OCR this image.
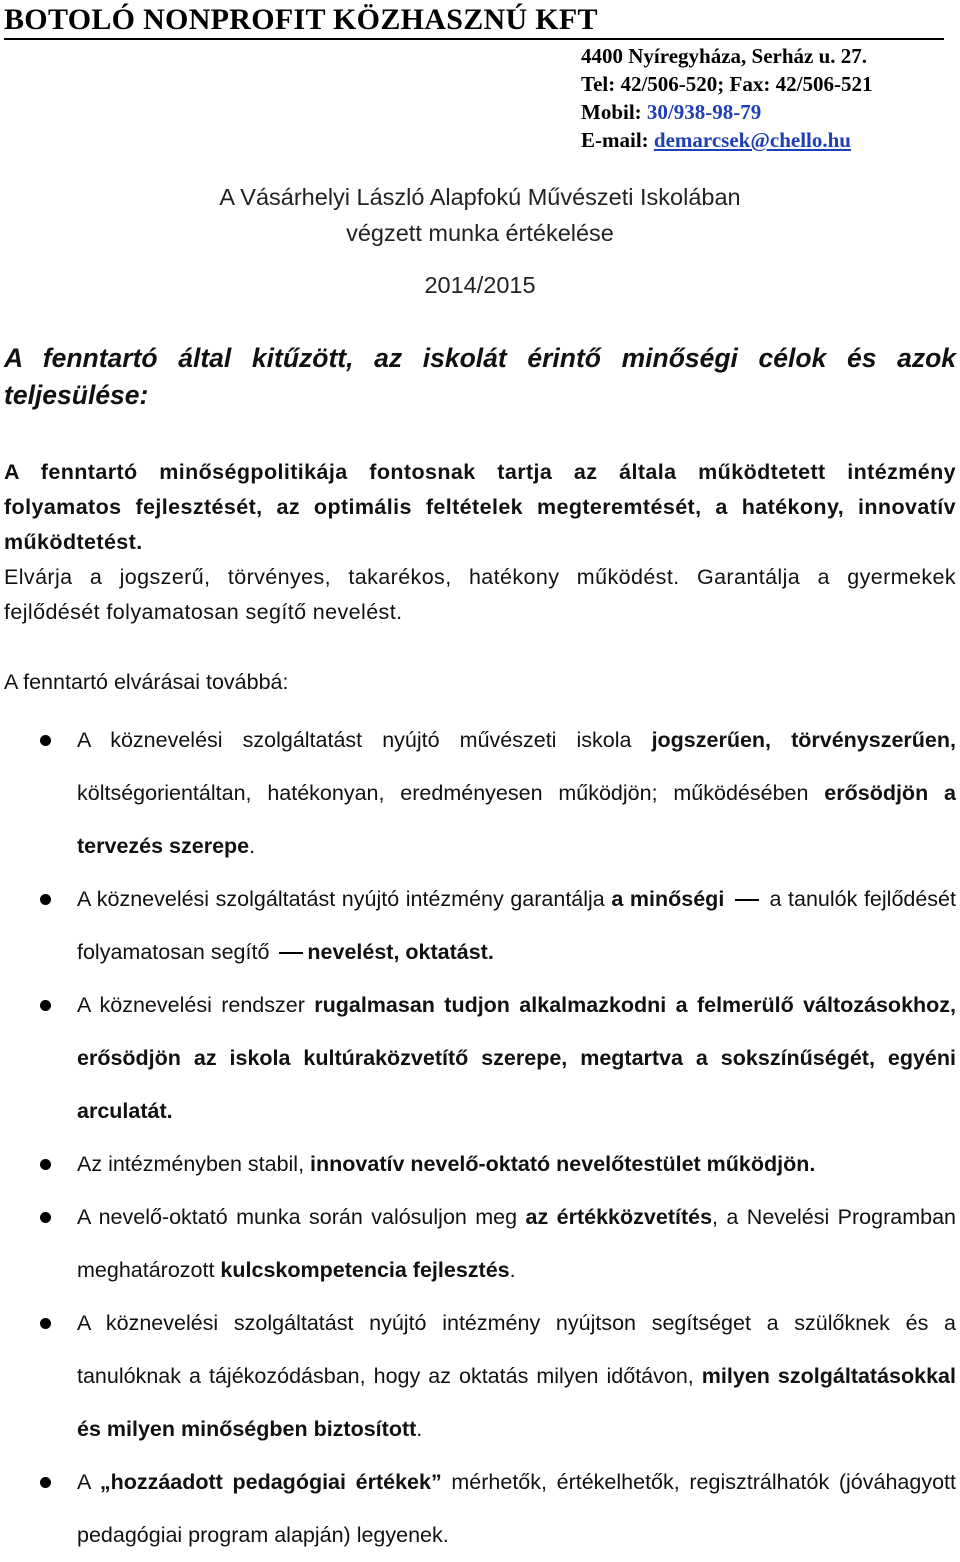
BOTOLÓ NONPROFIT KÖZHASZNÚ KFT
4400 Nyíregyháza, Serház u. 27.
Tel: 42/506-520; Fax: 42/506-521
Mobil: 30/938-98-79
E-mail: demarcsek@chello.hu
A Vásárhelyi László Alapfokú Művészeti Iskolában
végzett munka értékelése
2014/2015
A fenntartó által kitűzött, az iskolát érintő minőségi célok és azok teljesülése:
A fenntartó minőségpolitikája fontosnak tartja az általa működtetett intézmény folyamatos fejlesztését, az optimális feltételek megteremtését, a hatékony, innovatív működtetést.
Elvárja a jogszerű, törvényes, takarékos, hatékony működést. Garantálja a gyermekek fejlődését folyamatosan segítő nevelést.
A fenntartó elvárásai továbbá:
A köznevelési szolgáltatást nyújtó művészeti iskola jogszerűen, törvényszerűen, költségorientáltan, hatékonyan, eredményesen működjön; működésében erősödjön a tervezés szerepe.
A köznevelési szolgáltatást nyújtó intézmény garantálja a minőségi  a tanulók fejlődését folyamatosan segítő nevelést, oktatást.
A köznevelési rendszer rugalmasan tudjon alkalmazkodni a felmerülő változásokhoz, erősödjön az iskola kultúraközvetítő szerepe, megtartva a sokszínűségét, egyéni arculatát.
Az intézményben stabil, innovatív nevelő-oktató nevelőtestület működjön.
A nevelő-oktató munka során valósuljon meg az értékközvetítés, a Nevelési Programban meghatározott kulcskompetencia fejlesztés.
A köznevelési szolgáltatást nyújtó intézmény nyújtson segítséget a szülőknek és a tanulóknak a tájékozódásban, hogy az oktatás milyen időtávon, milyen szolgáltatásokkal és milyen minőségben biztosított.
A „hozzáadott pedagógiai értékek” mérhetők, értékelhetők, regisztrálhatók (jóváhagyott pedagógiai program alapján) legyenek.
